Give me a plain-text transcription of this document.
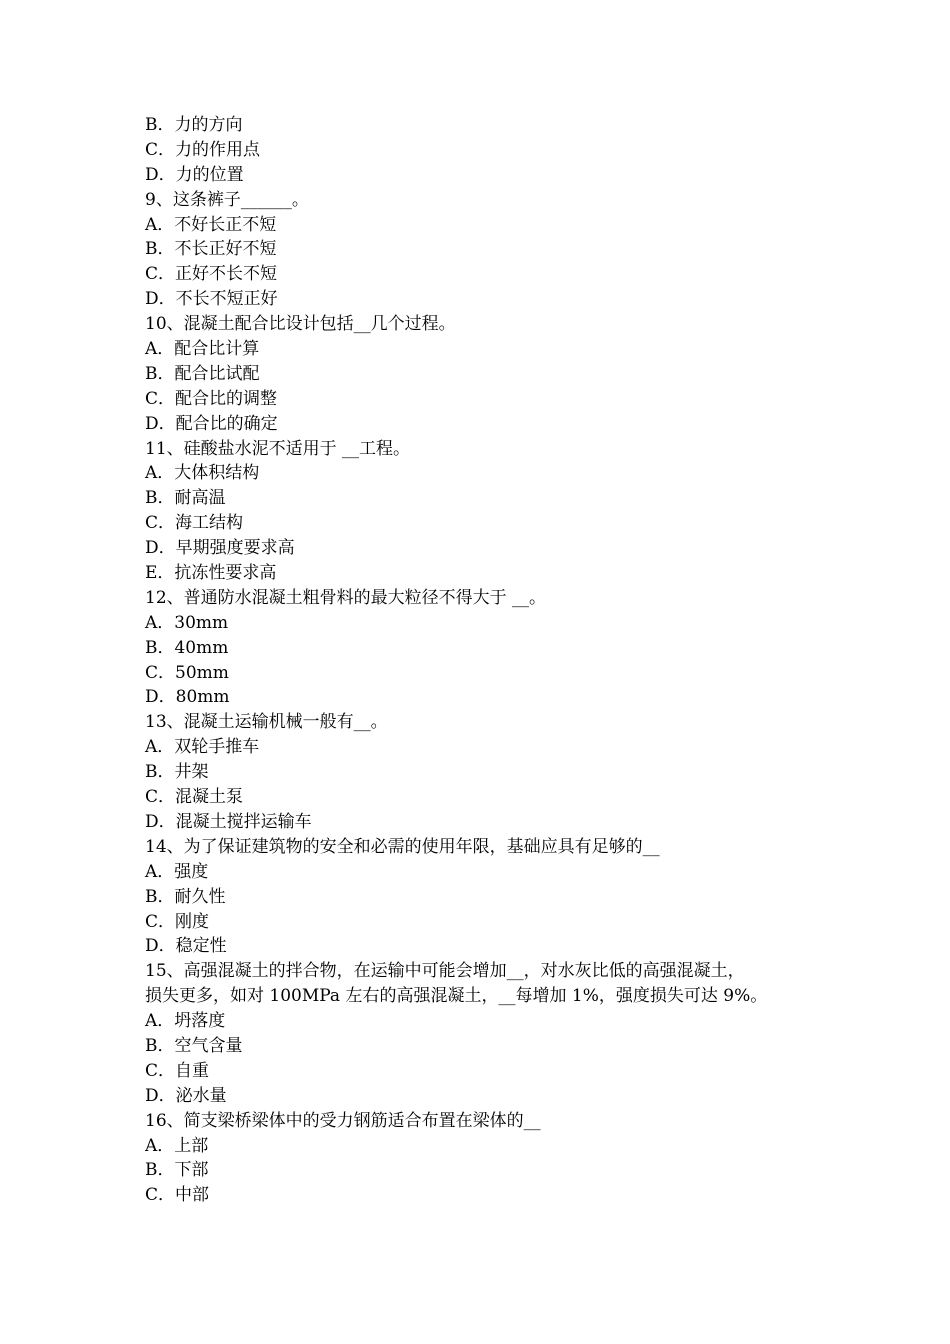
B．力的方向
C．力的作用点
D．力的位置
9、这条裤子______。
A．不好长正不短
B．不长正好不短
C．正好不长不短
D．不长不短正好
10、混凝土配合比设计包括__几个过程。
A．配合比计算
B．配合比试配
C．配合比的调整
D．配合比的确定
11、硅酸盐水泥不适用于 __工程。
A．大体积结构
B．耐高温
C．海工结构
D．早期强度要求高
E．抗冻性要求高
12、普通防水混凝土粗骨料的最大粒径不得大于 __。
A．30mm
B．40mm
C．50mm
D．80mm
13、混凝土运输机械一般有__。
A．双轮手推车
B．井架
C．混凝土泵
D．混凝土搅拌运输车
14、为了保证建筑物的安全和必需的使用年限，基础应具有足够的__
A．强度
B．耐久性
C．刚度
D．稳定性
15、高强混凝土的拌合物，在运输中可能会增加__，对水灰比低的高强混凝土，
损失更多，如对 100MPa 左右的高强混凝土，__每增加 1%，强度损失可达 9%。
A．坍落度
B．空气含量
C．自重
D．泌水量
16、简支梁桥梁体中的受力钢筋适合布置在梁体的__
A．上部
B．下部
C．中部
